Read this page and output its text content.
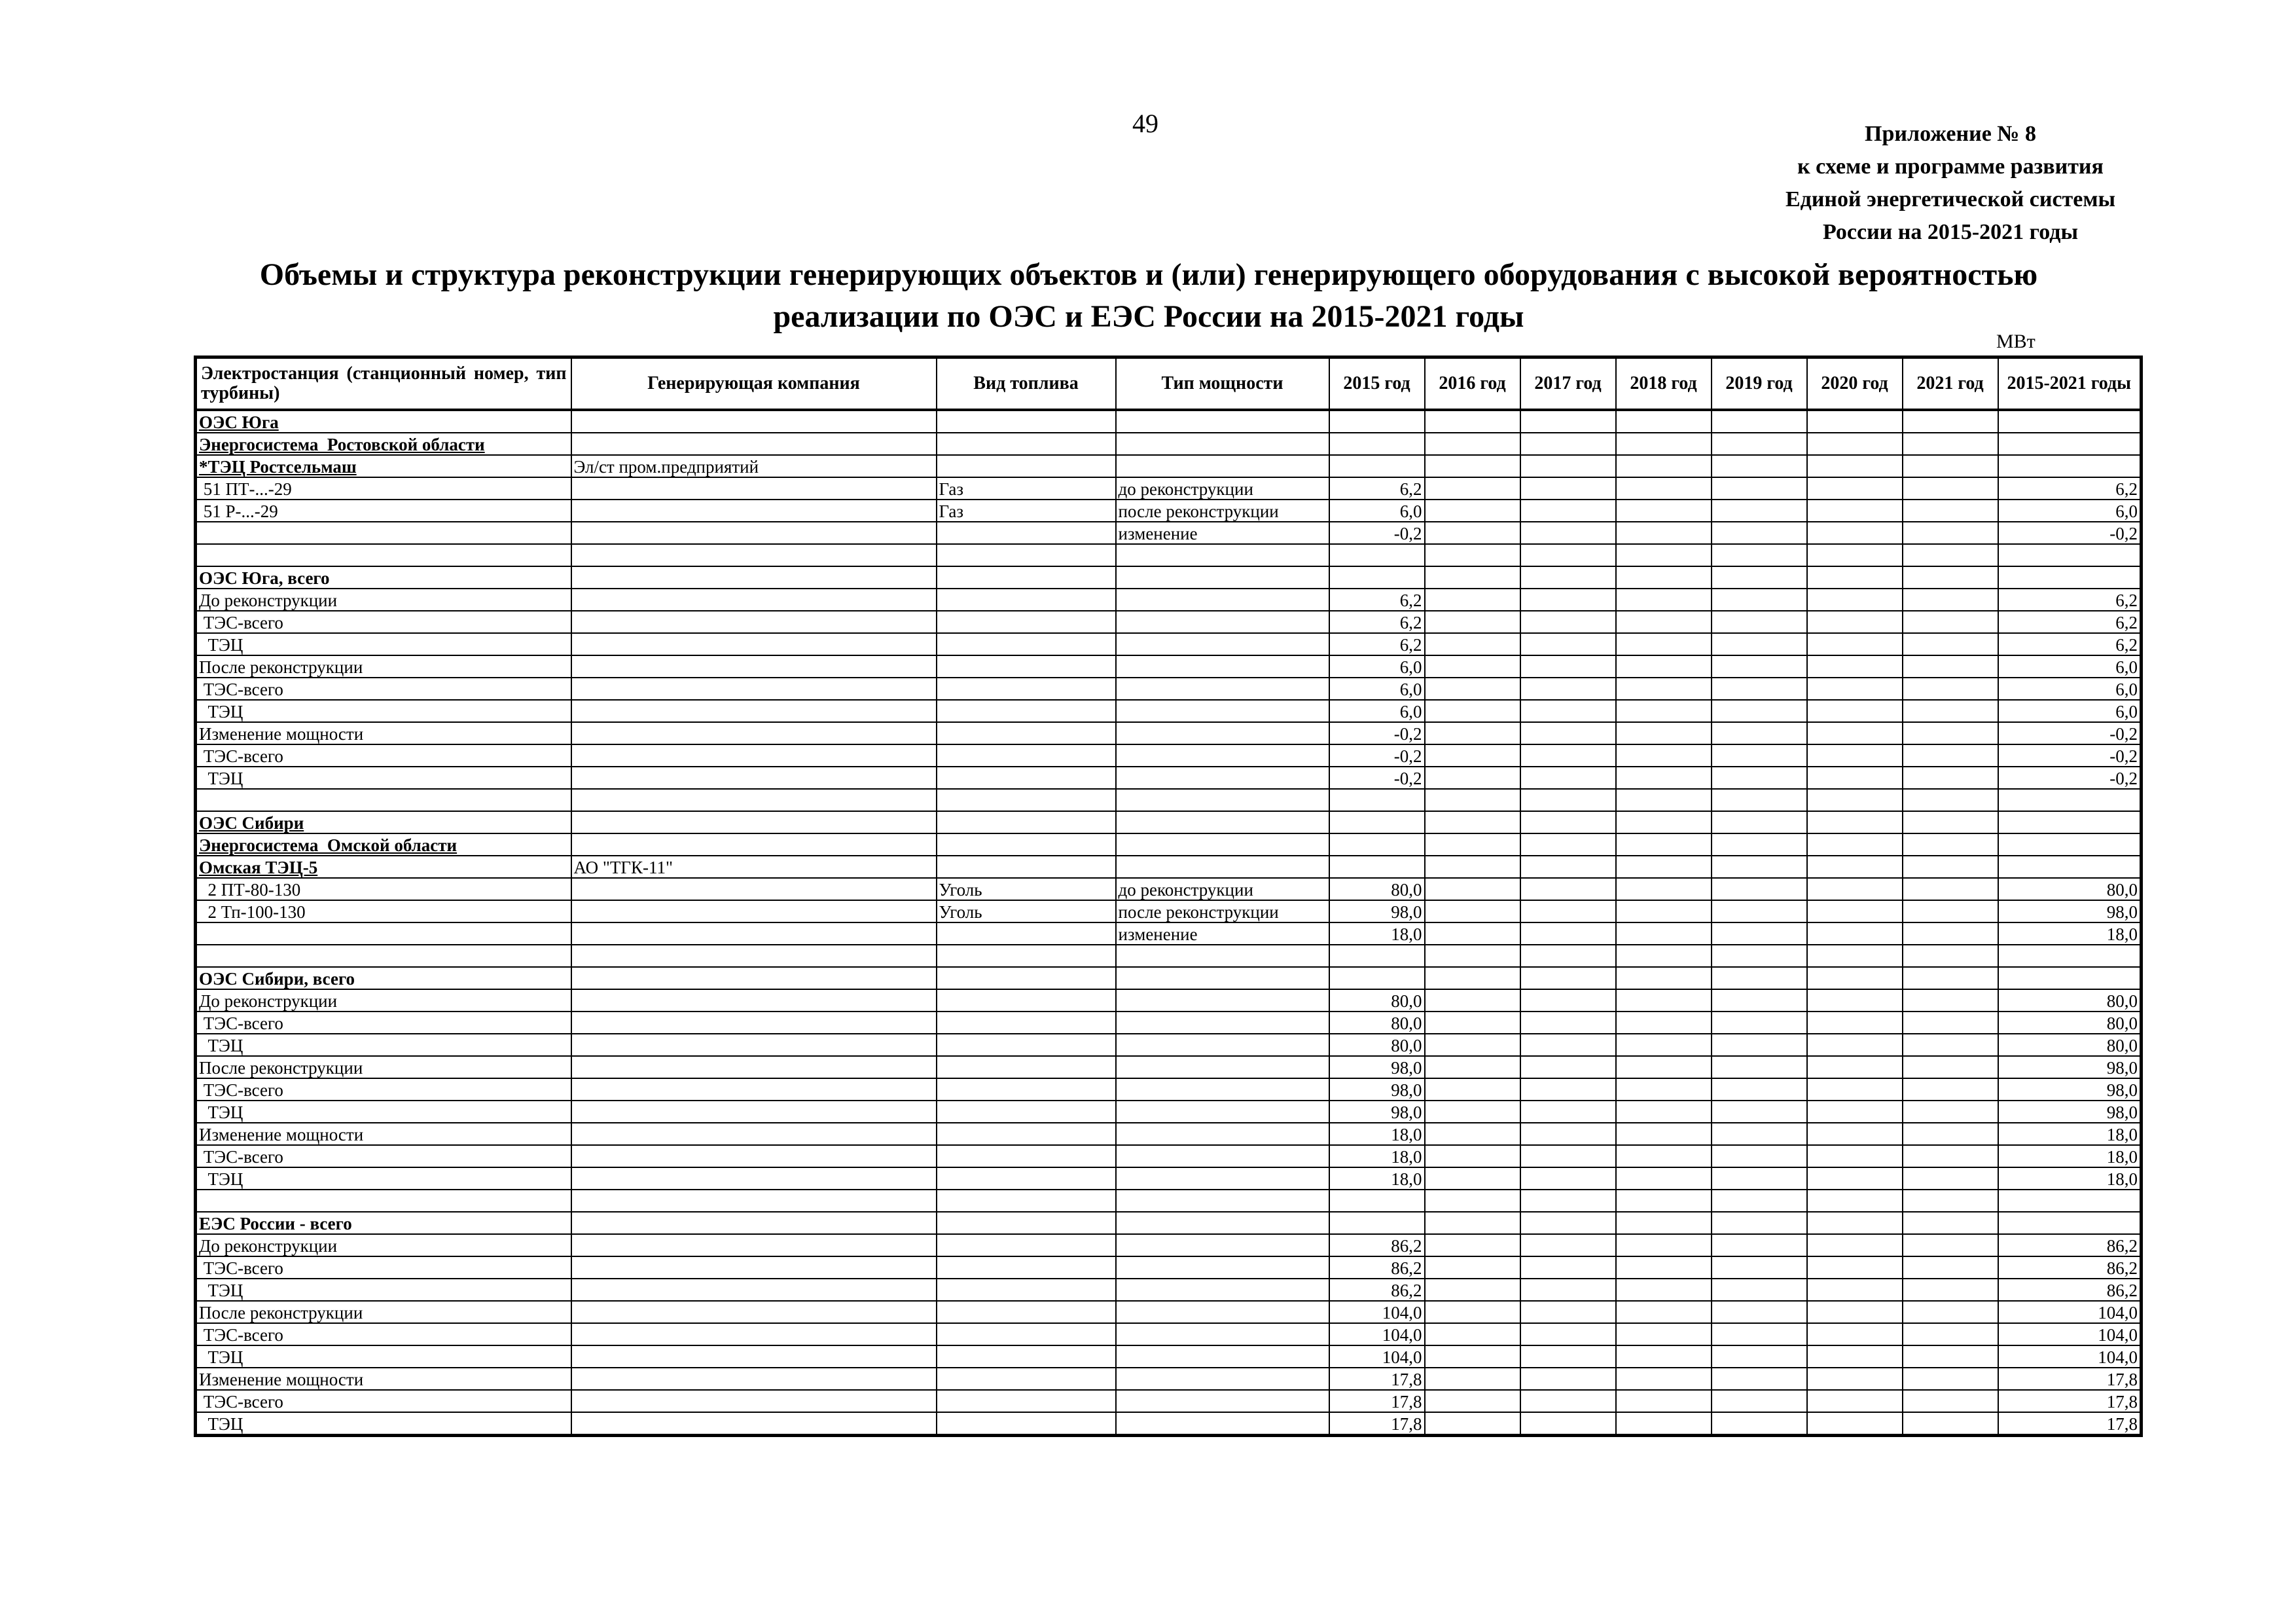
49	Приложение № 8
к схеме и программе развития
Единой энергетической системы
России на 2015-2021 годы
Объемы и структура реконструкции генерирующих объектов и (или) генерирующего оборудования с высокой вероятностью
реализации по ОЭС и ЕЭС России на 2015-2021 годы
МВт
Электростанция (станционный номер, тип турбины)	Генерирующая компания	Вид топлива	Тип мощности	2015 год	2016 год	2017 год	2018 год	2019 год	2020 год	2021 год	2015-2021 годы
ОЭС Юга											
Энергосистема  Ростовской области											
*ТЭЦ Ростсельмаш	Эл/ст пром.предприятий										
51 ПТ-...-29		Газ	до реконструкции	6,2							6,2
51 Р-...-29		Газ	после реконструкции	6,0							6,0
			изменение	-0,2							-0,2

ОЭС Юга, всего											
До реконструкции				6,2							6,2
ТЭС-всего				6,2							6,2
ТЭЦ				6,2							6,2
После реконструкции				6,0							6,0
ТЭС-всего				6,0							6,0
ТЭЦ				6,0							6,0
Изменение мощности				-0,2							-0,2
ТЭС-всего				-0,2							-0,2
ТЭЦ				-0,2							-0,2

ОЭС Сибири											
Энергосистема  Омской области											
Омская ТЭЦ-5	АО "ТГК-11"										
2 ПТ-80-130		Уголь	до реконструкции	80,0							80,0
2 Тп-100-130		Уголь	после реконструкции	98,0							98,0
			изменение	18,0							18,0

ОЭС Сибири, всего											
До реконструкции				80,0							80,0
ТЭС-всего				80,0							80,0
ТЭЦ				80,0							80,0
После реконструкции				98,0							98,0
ТЭС-всего				98,0							98,0
ТЭЦ				98,0							98,0
Изменение мощности				18,0							18,0
ТЭС-всего				18,0							18,0
ТЭЦ				18,0							18,0

ЕЭС России - всего											
До реконструкции				86,2							86,2
ТЭС-всего				86,2							86,2
ТЭЦ				86,2							86,2
После реконструкции				104,0							104,0
ТЭС-всего				104,0							104,0
ТЭЦ				104,0							104,0
Изменение мощности				17,8							17,8
ТЭС-всего				17,8							17,8
ТЭЦ				17,8							17,8
